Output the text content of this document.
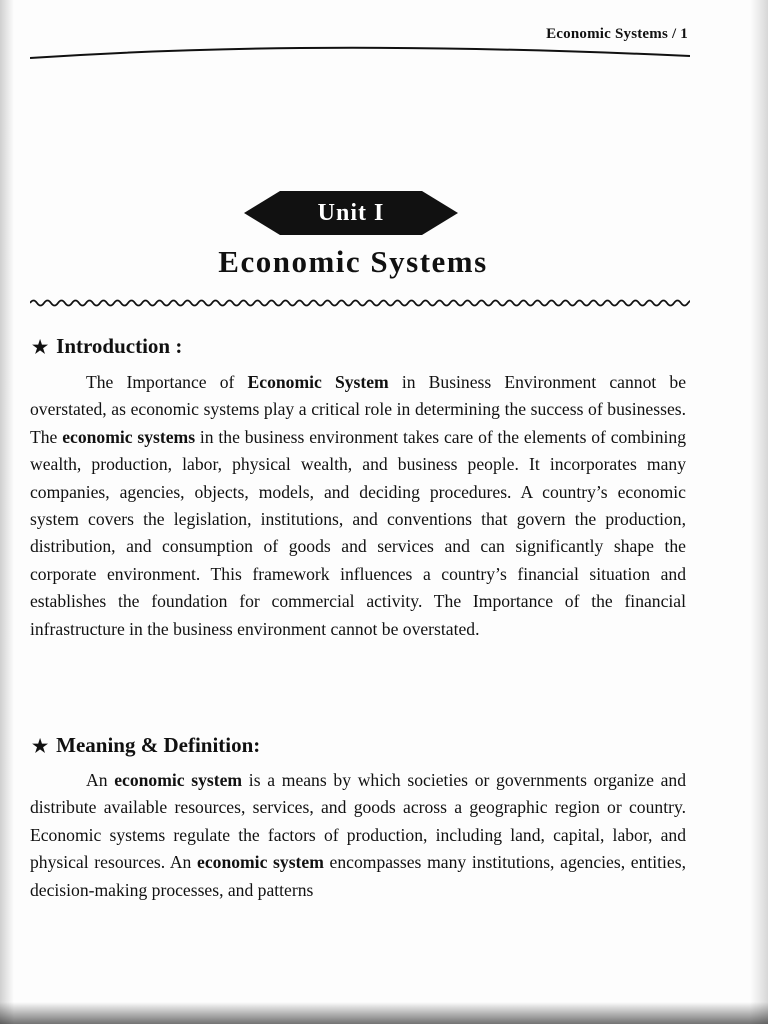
Economic Systems / 1
Unit I
Economic Systems
★ Introduction :

The Importance of Economic System in Business Environment cannot be overstated, as economic systems play a critical role in determining the success of businesses. The economic systems in the business environment takes care of the elements of combining wealth, production, labor, physical wealth, and business people. It incorporates many companies, agencies, objects, models, and deciding procedures. A country’s economic system covers the legislation, institutions, and conventions that govern the production, distribution, and consumption of goods and services and can significantly shape the corporate environment. This framework influences a country’s financial situation and establishes the foundation for commercial activity. The Importance of the financial infrastructure in the business environment cannot be overstated.

★ Meaning & Definition:

An economic system is a means by which societies or governments organize and distribute available resources, services, and goods across a geographic region or country. Economic systems regulate the factors of production, including land, capital, labor, and physical resources. An economic system encompasses many institutions, agencies, entities, decision-making processes, and patterns
